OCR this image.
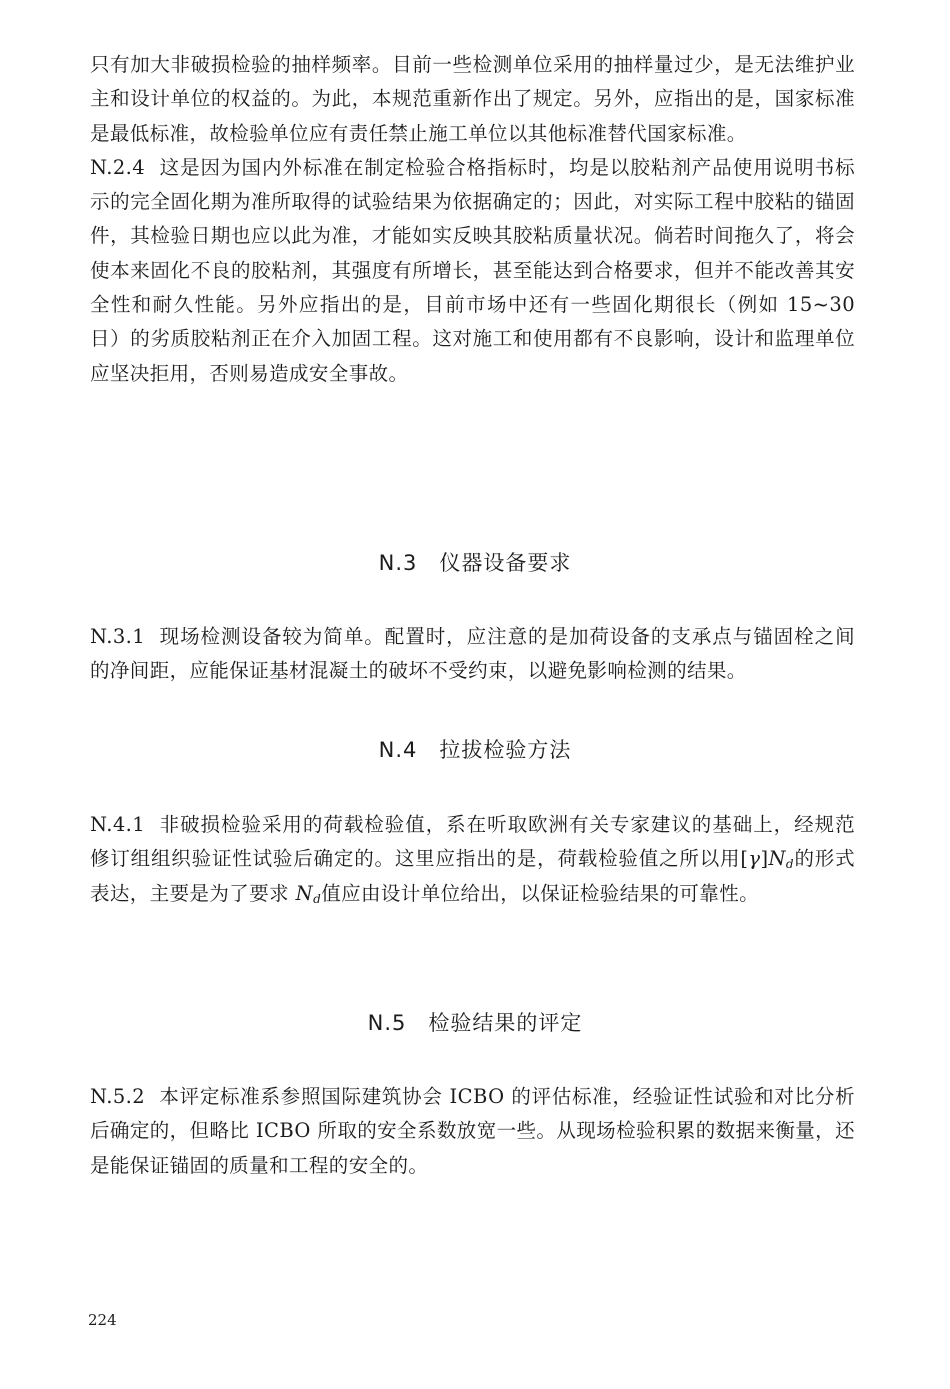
只有加大非破损检验的抽样频率。目前一些检测单位采用的抽样量过少，是无法维护业主和设计单位的权益的。为此，本规范重新作出了规定。另外，应指出的是，国家标准是最低标准，故检验单位应有责任禁止施工单位以其他标准替代国家标准。

N.2.4 这是因为国内外标准在制定检验合格指标时，均是以胶粘剂产品使用说明书标示的完全固化期为准所取得的试验结果为依据确定的；因此，对实际工程中胶粘的锚固件，其检验日期也应以此为准，才能如实反映其胶粘质量状况。倘若时间拖久了，将会使本来固化不良的胶粘剂，其强度有所增长，甚至能达到合格要求，但并不能改善其安全性和耐久性能。另外应指出的是，目前市场中还有一些固化期很长（例如 15~30 日）的劣质胶粘剂正在介入加固工程。这对施工和使用都有不良影响，设计和监理单位应坚决拒用，否则易造成安全事故。

N.3 仪器设备要求

N.3.1 现场检测设备较为简单。配置时，应注意的是加荷设备的支承点与锚固栓之间的净间距，应能保证基材混凝土的破坏不受约束，以避免影响检测的结果。

N.4 拉拔检验方法

N.4.1 非破损检验采用的荷载检验值，系在听取欧洲有关专家建议的基础上，经规范修订组组织验证性试验后确定的。这里应指出的是，荷载检验值之所以用$[\gamma]N_d$的形式表达，主要是为了要求 $N_d$值应由设计单位给出，以保证检验结果的可靠性。

N.5 检验结果的评定

N.5.2 本评定标准系参照国际建筑协会 ICBO 的评估标准，经验证性试验和对比分析后确定的，但略比 ICBO 所取的安全系数放宽一些。从现场检验积累的数据来衡量，还是能保证锚固的质量和工程的安全的。

224
